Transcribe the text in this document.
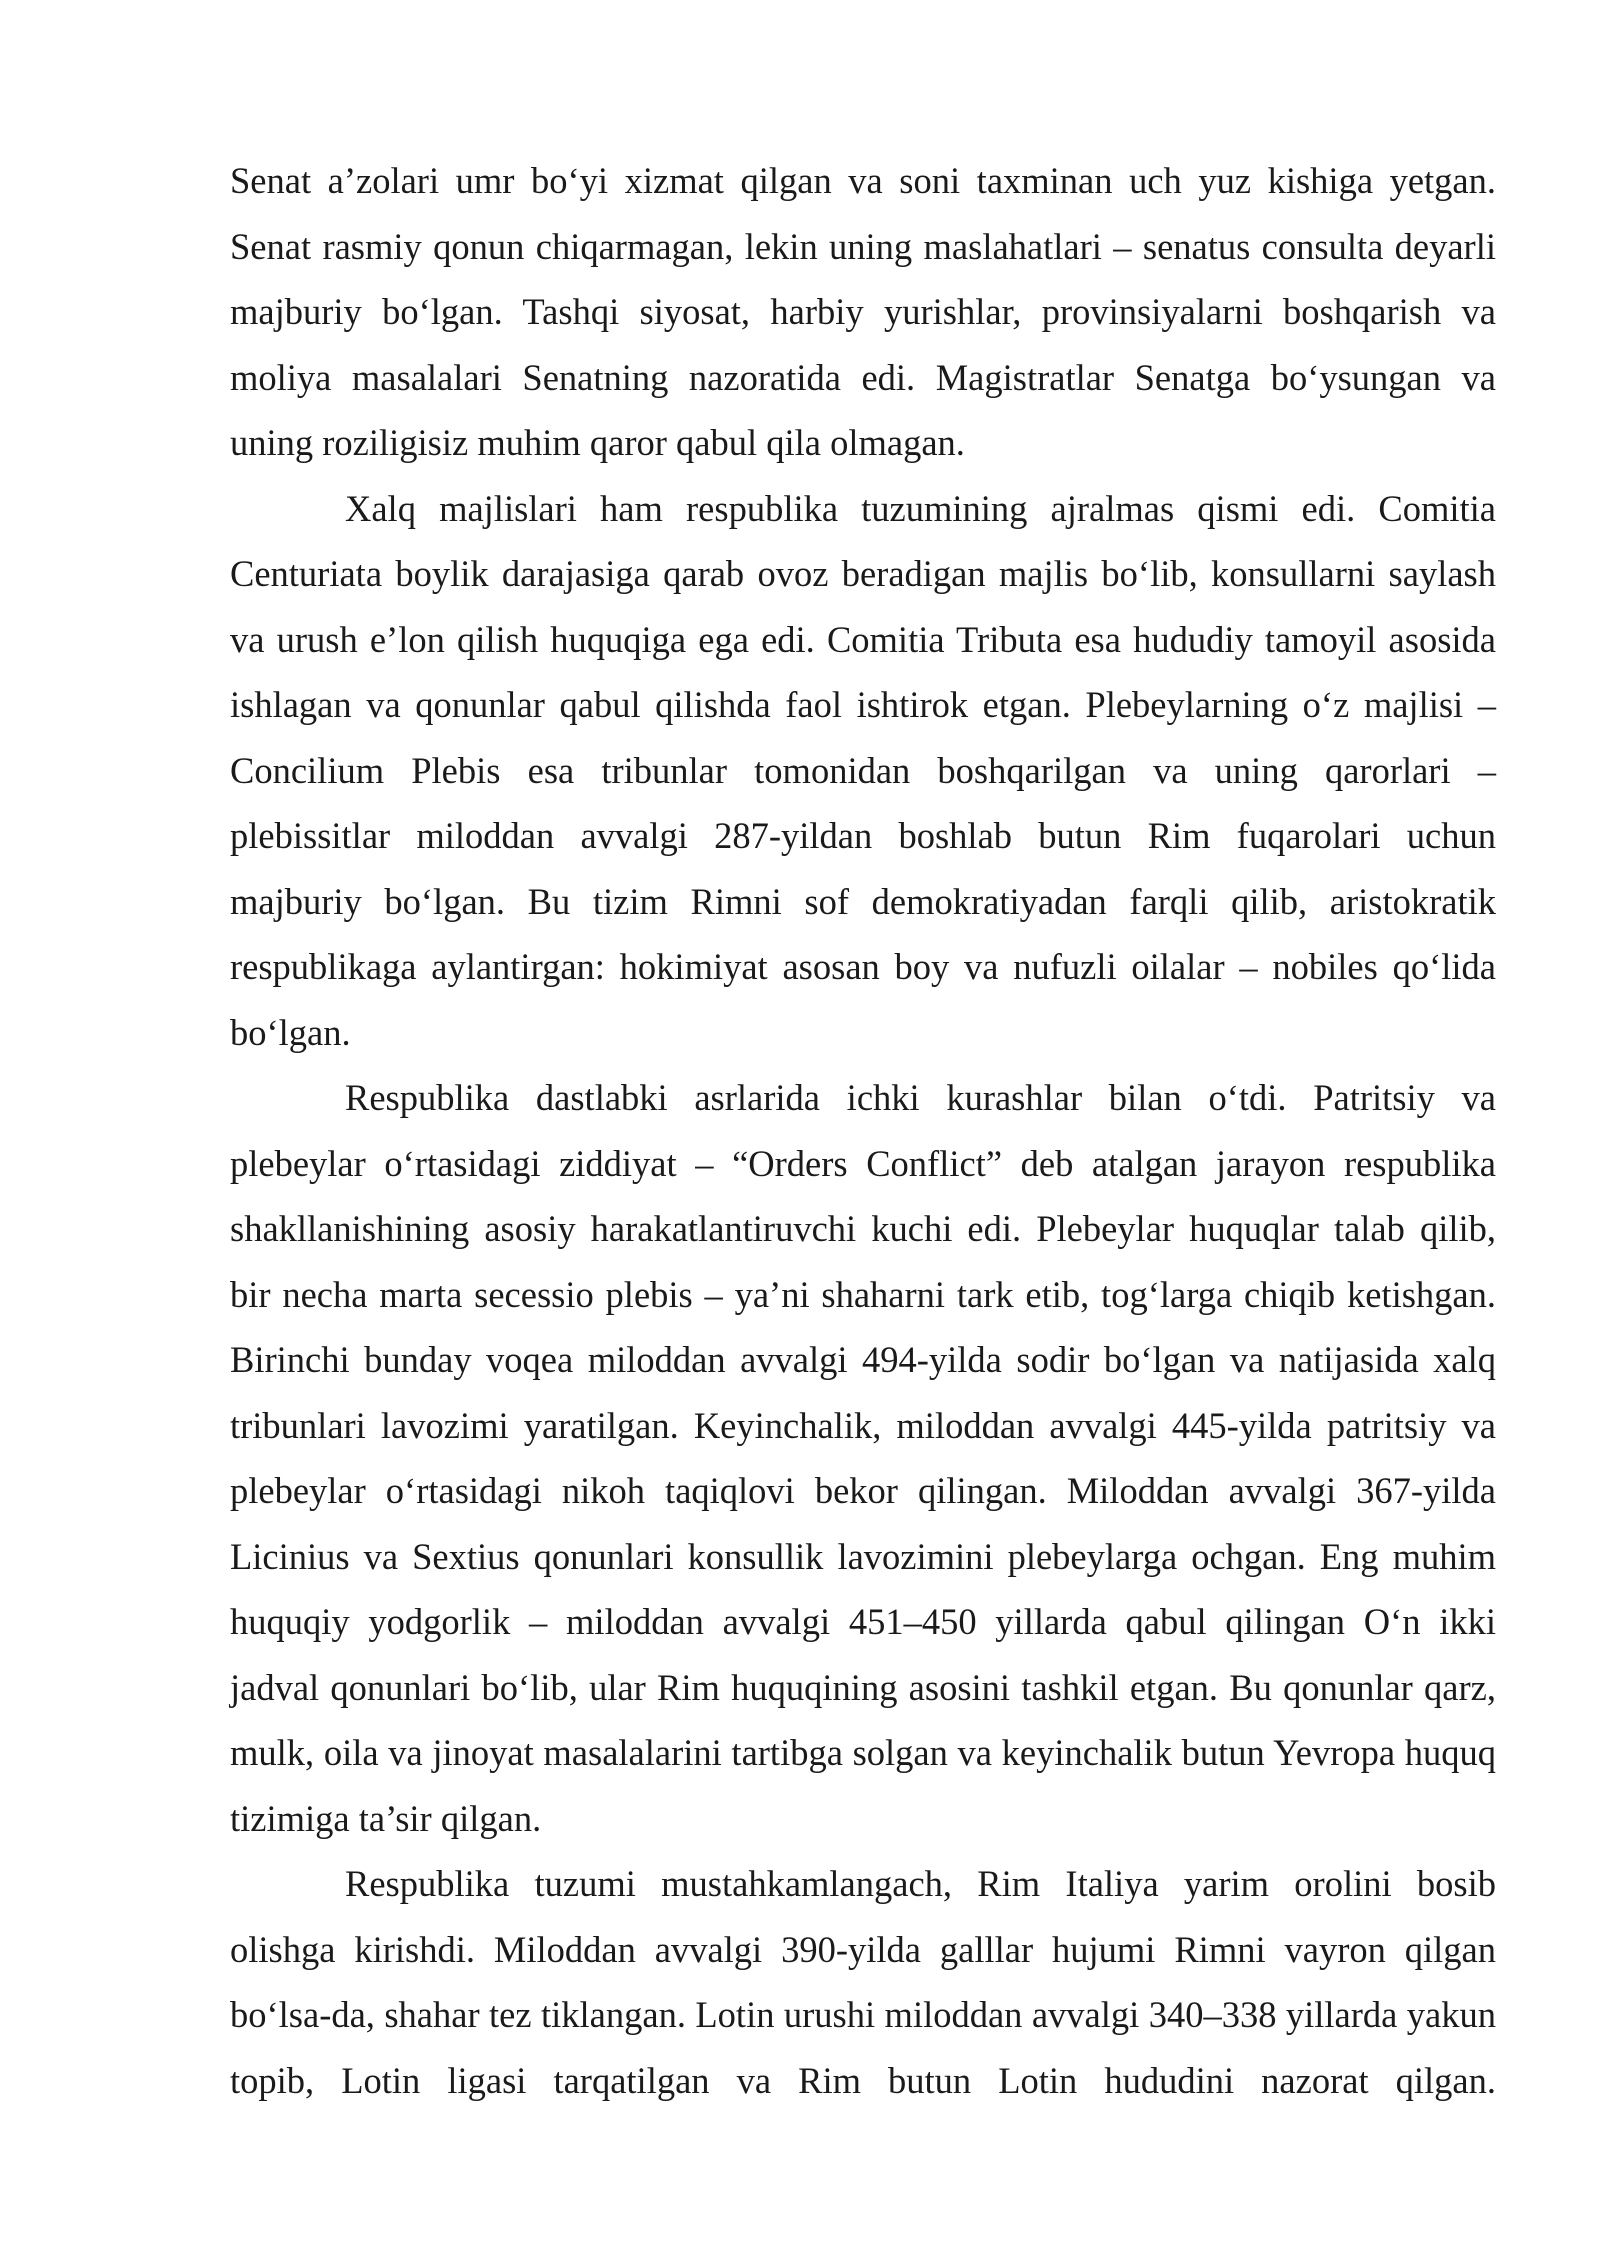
Senat a’zolari umr bo‘yi xizmat qilgan va soni taxminan uch yuz kishiga yetgan. Senat rasmiy qonun chiqarmagan, lekin uning maslahatlari – senatus consulta deyarli majburiy bo‘lgan. Tashqi siyosat, harbiy yurishlar, provinsiyalarni boshqarish va moliya masalalari Senatning nazoratida edi. Magistratlar Senatga bo‘ysungan va uning roziligisiz muhim qaror qabul qila olmagan.

Xalq majlislari ham respublika tuzumining ajralmas qismi edi. Comitia Centuriata boylik darajasiga qarab ovoz beradigan majlis bo‘lib, konsullarni saylash va urush e’lon qilish huquqiga ega edi. Comitia Tributa esa hududiy tamoyil asosida ishlagan va qonunlar qabul qilishda faol ishtirok etgan. Plebeylarning o‘z majlisi – Concilium Plebis esa tribunlar tomonidan boshqarilgan va uning qarorlari – plebissitlar miloddan avvalgi 287-yildan boshlab butun Rim fuqarolari uchun majburiy bo‘lgan. Bu tizim Rimni sof demokratiyadan farqli qilib, aristokratik respublikaga aylantirgan: hokimiyat asosan boy va nufuzli oilalar – nobiles qo‘lida bo‘lgan.

Respublika dastlabki asrlarida ichki kurashlar bilan o‘tdi. Patritsiy va plebeylar o‘rtasidagi ziddiyat – “Orders Conflict” deb atalgan jarayon respublika shakllanishining asosiy harakatlantiruvchi kuchi edi. Plebeylar huquqlar talab qilib, bir necha marta secessio plebis – ya’ni shaharni tark etib, tog‘larga chiqib ketishgan. Birinchi bunday voqea miloddan avvalgi 494-yilda sodir bo‘lgan va natijasida xalq tribunlari lavozimi yaratilgan. Keyinchalik, miloddan avvalgi 445-yilda patritsiy va plebeylar o‘rtasidagi nikoh taqiqlovi bekor qilingan. Miloddan avvalgi 367-yilda Licinius va Sextius qonunlari konsullik lavozimini plebeylarga ochgan. Eng muhim huquqiy yodgorlik – miloddan avvalgi 451–450 yillarda qabul qilingan O‘n ikki jadval qonunlari bo‘lib, ular Rim huquqining asosini tashkil etgan. Bu qonunlar qarz, mulk, oila va jinoyat masalalarini tartibga solgan va keyinchalik butun Yevropa huquq tizimiga ta’sir qilgan.

Respublika tuzumi mustahkamlangach, Rim Italiya yarim orolini bosib olishga kirishdi. Miloddan avvalgi 390-yilda galllar hujumi Rimni vayron qilgan bo‘lsa-da, shahar tez tiklangan. Lotin urushi miloddan avvalgi 340–338 yillarda yakun topib, Lotin ligasi tarqatilgan va Rim butun Lotin hududini nazorat qilgan.
